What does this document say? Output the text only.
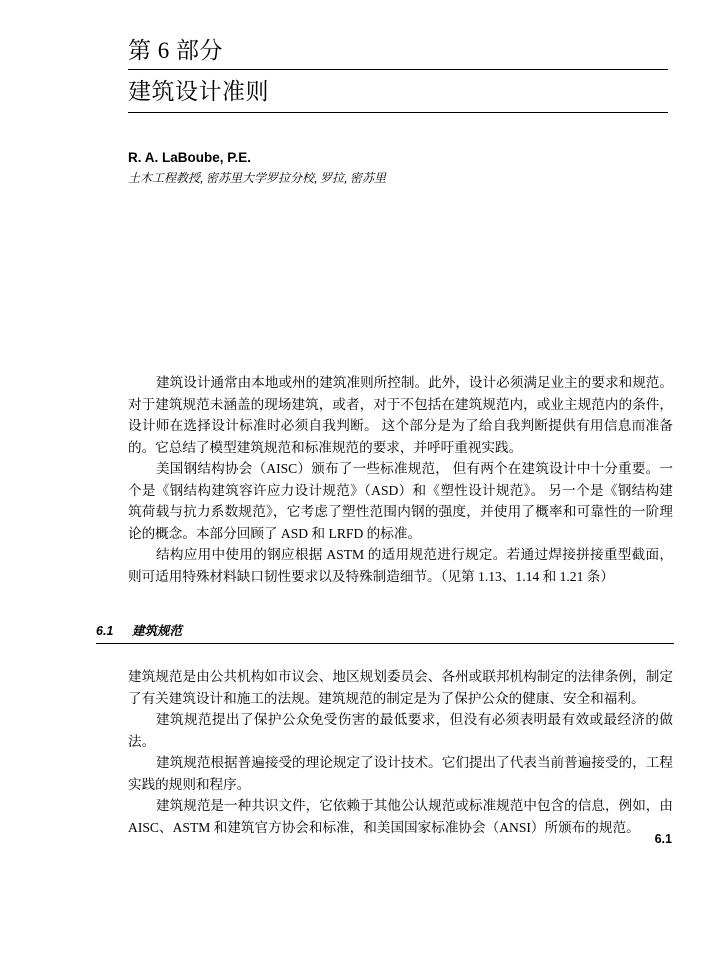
第 6 部分
建筑设计准则
R. A. LaBoube, P.E.
土木工程教授, 密苏里大学罗拉分校, 罗拉, 密苏里

建筑设计通常由本地或州的建筑准则所控制。此外，设计必须满足业主的要求和规范。对于建筑规范未涵盖的现场建筑，或者，对于不包括在建筑规范内，或业主规范内的条件，设计师在选择设计标准时必须自我判断。 这个部分是为了给自我判断提供有用信息而准备的。它总结了模型建筑规范和标准规范的要求，并呼吁重视实践。

美国钢结构协会（AISC）颁布了一些标准规范， 但有两个在建筑设计中十分重要。一个是《钢结构建筑容许应力设计规范》（ASD）和《塑性设计规范》。 另一个是《钢结构建筑荷载与抗力系数规范》，它考虑了塑性范围内钢的强度，并使用了概率和可靠性的一阶理论的概念。本部分回顾了 ASD 和 LRFD 的标准。

结构应用中使用的钢应根据 ASTM 的适用规范进行规定。若通过焊接拼接重型截面，则可适用特殊材料缺口韧性要求以及特殊制造细节。（见第 1.13、1.14 和 1.21 条）

6.1 建筑规范

建筑规范是由公共机构如市议会、地区规划委员会、各州或联邦机构制定的法律条例，制定了有关建筑设计和施工的法规。建筑规范的制定是为了保护公众的健康、安全和福利。

建筑规范提出了保护公众免受伤害的最低要求，但没有必须表明最有效或最经济的做法。

建筑规范根据普遍接受的理论规定了设计技术。它们提出了代表当前普遍接受的，工程实践的规则和程序。

建筑规范是一种共识文件，它依赖于其他公认规范或标准规范中包含的信息，例如，由 AISC、ASTM 和建筑官方协会和标准，和美国国家标准协会（ANSI）所颁布的规范。

6.1
